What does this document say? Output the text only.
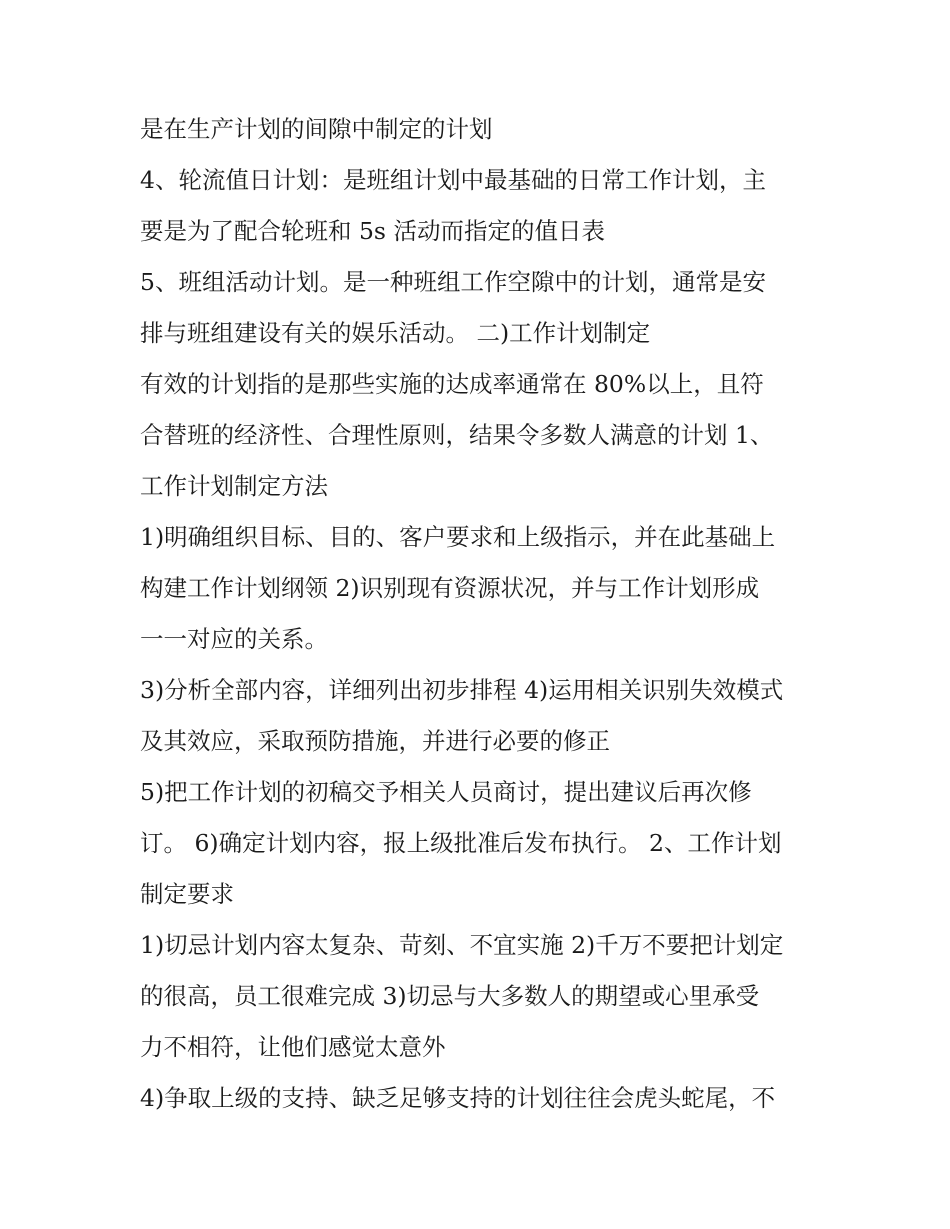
是在生产计划的间隙中制定的计划
4、轮流值日计划：是班组计划中最基础的日常工作计划，主
要是为了配合轮班和 5s 活动而指定的值日表
5、班组活动计划。是一种班组工作空隙中的计划，通常是安
排与班组建设有关的娱乐活动。 二)工作计划制定
有效的计划指的是那些实施的达成率通常在 80%以上，且符
合替班的经济性、合理性原则，结果令多数人满意的计划 1、
工作计划制定方法
1)明确组织目标、目的、客户要求和上级指示，并在此基础上
构建工作计划纲领 2)识别现有资源状况，并与工作计划形成
一一对应的关系。
3)分析全部内容，详细列出初步排程 4)运用相关识别失效模式
及其效应，采取预防措施，并进行必要的修正
5)把工作计划的初稿交予相关人员商讨，提出建议后再次修
订。 6)确定计划内容，报上级批准后发布执行。 2、工作计划
制定要求
1)切忌计划内容太复杂、苛刻、不宜实施 2)千万不要把计划定
的很高，员工很难完成 3)切忌与大多数人的期望或心里承受
力不相符，让他们感觉太意外
4)争取上级的支持、缺乏足够支持的计划往往会虎头蛇尾，不
